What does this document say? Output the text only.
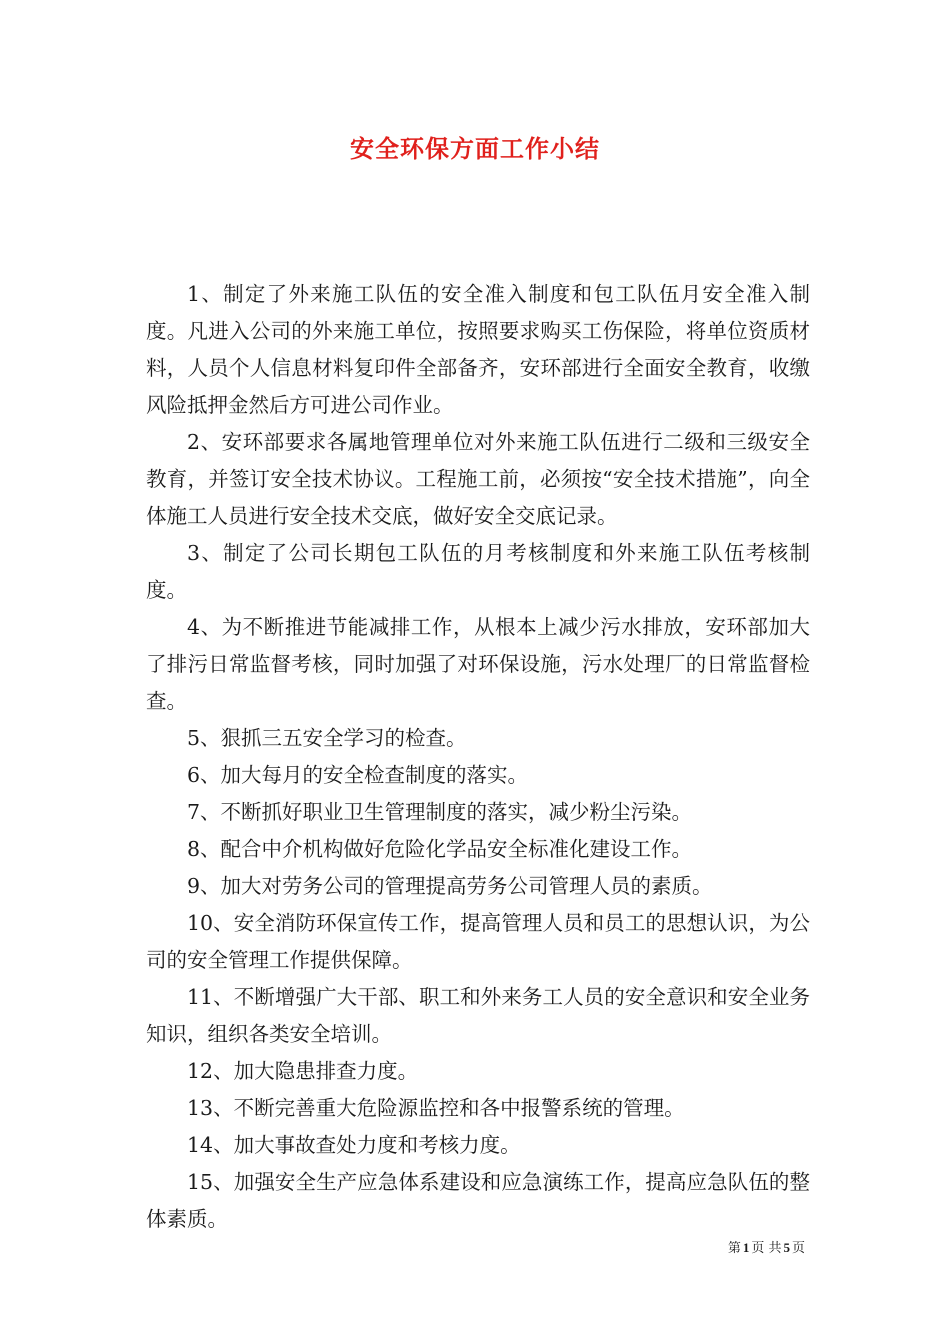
安全环保方面工作小结

1、制定了外来施工队伍的安全准入制度和包工队伍月安全准入制度。凡进入公司的外来施工单位，按照要求购买工伤保险，将单位资质材料，人员个人信息材料复印件全部备齐，安环部进行全面安全教育，收缴风险抵押金然后方可进公司作业。

2、安环部要求各属地管理单位对外来施工队伍进行二级和三级安全教育，并签订安全技术协议。工程施工前，必须按“安全技术措施”，向全体施工人员进行安全技术交底，做好安全交底记录。

3、制定了公司长期包工队伍的月考核制度和外来施工队伍考核制度。

4、为不断推进节能减排工作，从根本上减少污水排放，安环部加大了排污日常监督考核，同时加强了对环保设施，污水处理厂的日常监督检查。

5、狠抓三五安全学习的检查。

6、加大每月的安全检查制度的落实。

7、不断抓好职业卫生管理制度的落实，减少粉尘污染。

8、配合中介机构做好危险化学品安全标准化建设工作。

9、加大对劳务公司的管理提高劳务公司管理人员的素质。

10、安全消防环保宣传工作，提高管理人员和员工的思想认识，为公司的安全管理工作提供保障。

11、不断增强广大干部、职工和外来务工人员的安全意识和安全业务知识，组织各类安全培训。

12、加大隐患排查力度。

13、不断完善重大危险源监控和各中报警系统的管理。

14、加大事故查处力度和考核力度。

15、加强安全生产应急体系建设和应急演练工作，提高应急队伍的整体素质。

第 1 页 共 5 页
